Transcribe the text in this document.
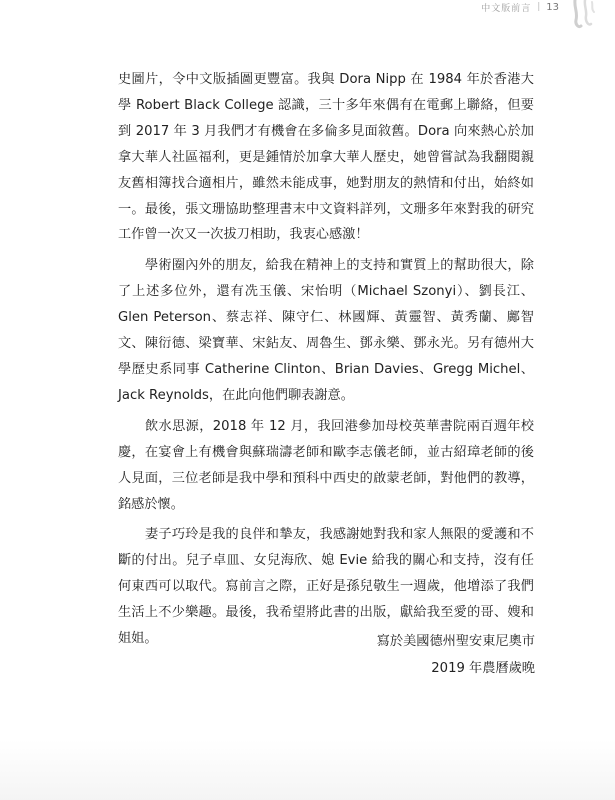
中文版前言 | 13

史圖片，令中文版插圖更豐富。我與 Dora Nipp 在 1984 年於香港大學 Robert Black College 認識，三十多年來偶有在電郵上聯絡，但要到 2017 年 3 月我們才有機會在多倫多見面敘舊。Dora 向來熱心於加拿大華人社區福利，更是鍾情於加拿大華人歷史，她曾嘗試為我翻閱親友舊相簿找合適相片，雖然未能成事，她對朋友的熱情和付出，始終如一。最後，張文珊協助整理書末中文資料詳列，文珊多年來對我的研究工作曾一次又一次拔刀相助，我衷心感激！

學術圈內外的朋友，給我在精神上的支持和實質上的幫助很大，除了上述多位外，還有冼玉儀、宋怡明（Michael Szonyi）、劉長江、Glen Peterson、蔡志祥、陳守仁、林國輝、黃靈智、黃秀蘭、鄺智文、陳衍德、梁寶華、宋鉆友、周魯生、鄧永樂、鄧永光。另有德州大學歷史系同事 Catherine Clinton、Brian Davies、Gregg Michel、Jack Reynolds，在此向他們聊表謝意。

飲水思源，2018 年 12 月，我回港參加母校英華書院兩百週年校慶，在宴會上有機會與蘇瑞濤老師和歐李志儀老師，並古紹璋老師的後人見面，三位老師是我中學和預科中西史的啟蒙老師，對他們的教導，銘感於懷。

妻子巧玲是我的良伴和摯友，我感謝她對我和家人無限的愛護和不斷的付出。兒子卓皿、女兒海欣、媳 Evie 給我的關心和支持，沒有任何東西可以取代。寫前言之際，正好是孫兒敬生一週歲，他增添了我們生活上不少樂趣。最後，我希望將此書的出版，獻給我至愛的哥、嫂和姐姐。	寫於美國德州聖安東尼奧市
2019 年農曆歲晚
